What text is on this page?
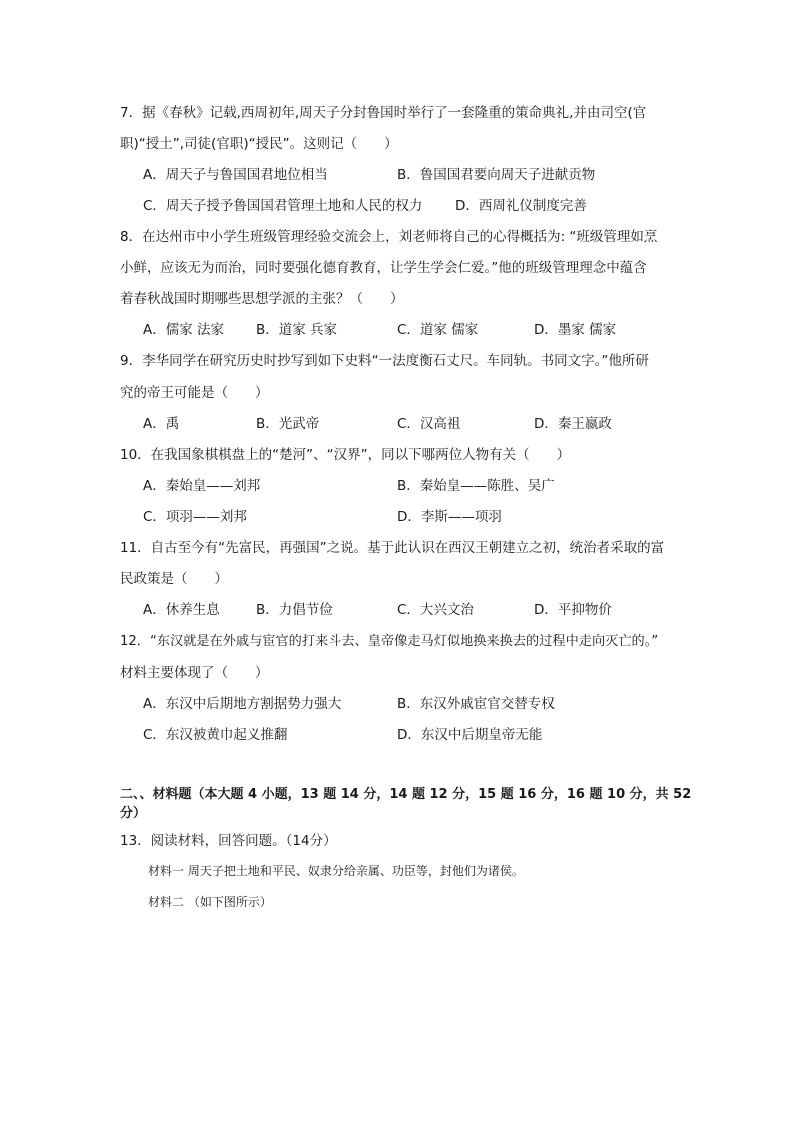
7．据《春秋》记载,西周初年,周天子分封鲁国时举行了一套隆重的策命典礼,并由司空(官
职)“授土”,司徒(官职)“授民”。这则记（　　）
A．周天子与鲁国国君地位相当	B．鲁国国君要向周天子进献贡物
C．周天子授予鲁国国君管理土地和人民的权力 D．西周礼仪制度完善
8．在达州市中小学生班级管理经验交流会上，刘老师将自己的心得概括为: “班级管理如烹
小鲜，应该无为而治，同时要强化德育教育，让学生学会仁爱。”他的班级管理理念中蕴含
着春秋战国时期哪些思想学派的主张？（　　）
A．儒家 法家 B．道家 兵家	C．道家 儒家	D．墨家 儒家
9．李华同学在研究历史时抄写到如下史料“一法度衡石丈尺。车同轨。书同文字。”他所研
究的帝王可能是（　　）
A．禹	B．光武帝	C．汉高祖	D．秦王嬴政
10．在我国象棋棋盘上的“楚河”、“汉界”，同以下哪两位人物有关（　　）
A．秦始皇——刘邦	B．秦始皇——陈胜、吴广
C．项羽——刘邦	D．李斯——项羽
11．自古至今有“先富民，再强国”之说。基于此认识在西汉王朝建立之初，统治者采取的富
民政策是（　　）
A．休养生息	B．力倡节俭	C．大兴文治	D．平抑物价
12．“东汉就是在外戚与宦官的打来斗去、皇帝像走马灯似地换来换去的过程中走向灭亡的。”
材料主要体现了（　　）
A．东汉中后期地方割据势力强大	B．东汉外戚宦官交替专权
C．东汉被黄巾起义推翻	D．东汉中后期皇帝无能
二、、材料题（本大题 4 小题，13 题 14 分，14 题 12 分，15 题 16 分，16 题 10 分，共 52
分）
13．阅读材料，回答问题。（14分）
材料一 周天子把土地和平民、奴隶分给亲属、功臣等，封他们为诸侯。
材料二 （如下图所示）
